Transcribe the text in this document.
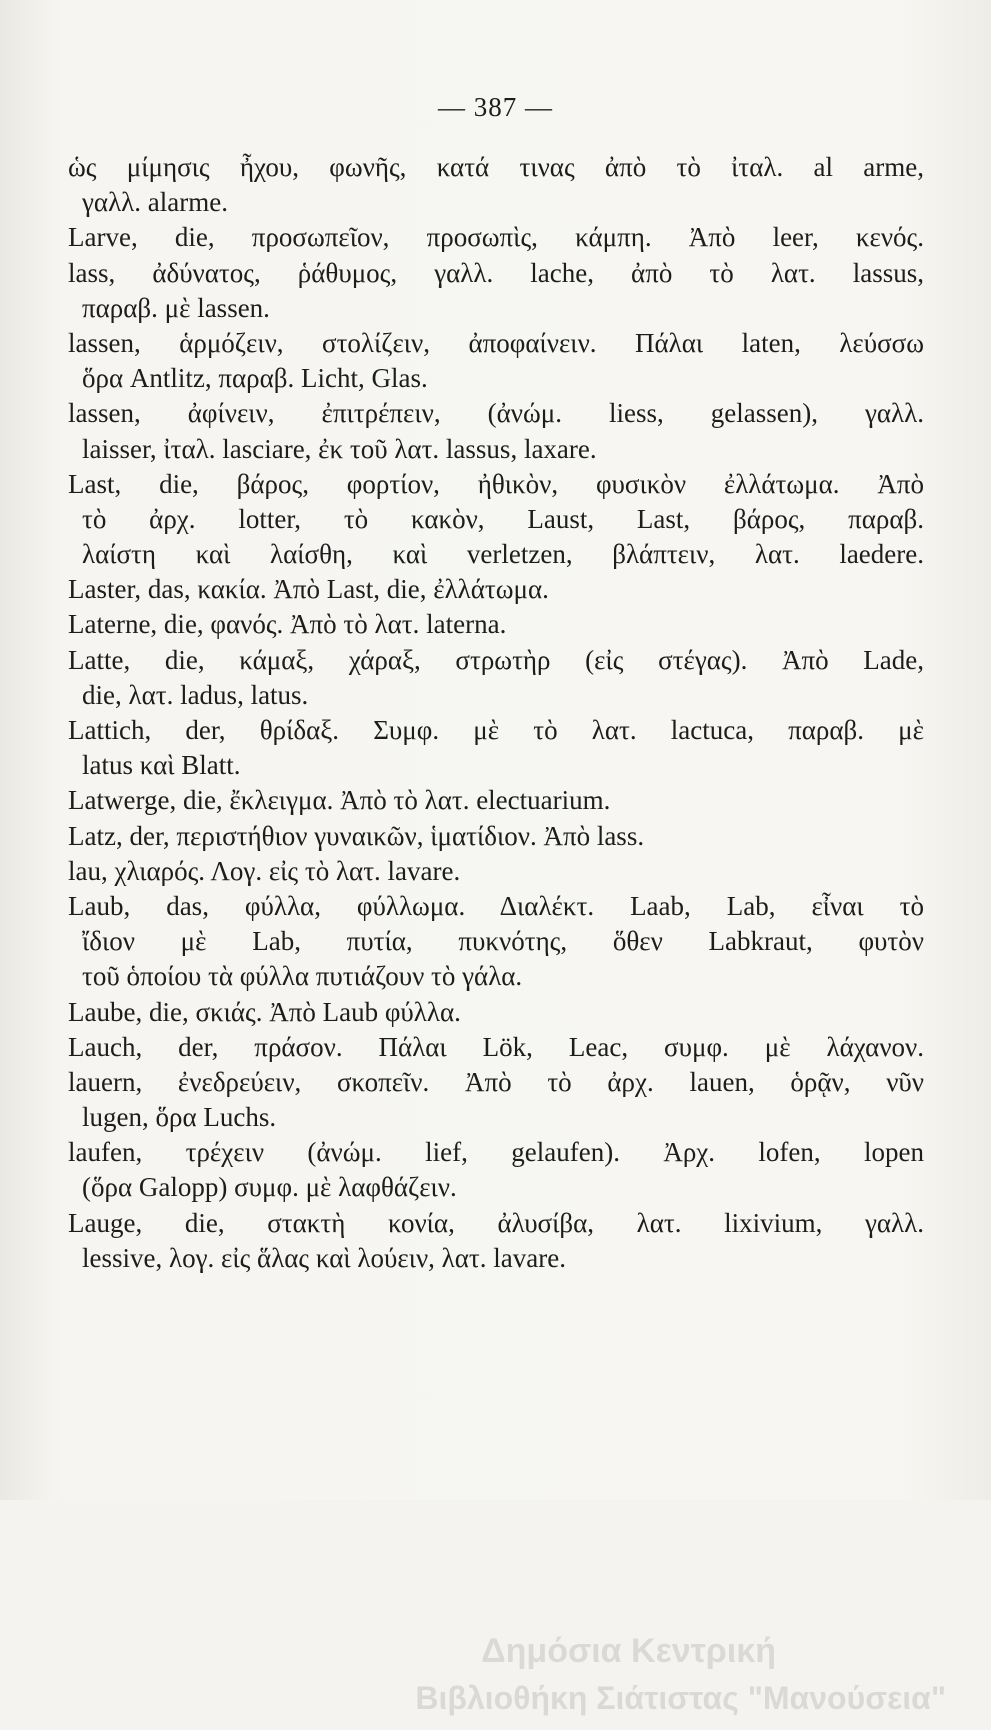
— 387 —
ὡς μίμησις ἦχου, φωνῆς, κατά τινας ἀπὸ τὸ ἰταλ. al arme,
γαλλ. alarme.
Larve, die, προσωπεῖον, προσωπὶς, κάμπη. Ἀπὸ leer, κενός.
lass, ἀδύνατος, ῥάθυμος, γαλλ. lache, ἀπὸ τὸ λατ. lassus,
παραβ. μὲ lassen.
lassen, ἁρμόζειν, στολίζειν, ἀποφαίνειν. Πάλαι laten, λεύσσω
ὅρα Antlitz, παραβ. Licht, Glas.
lassen, ἀφίνειν, ἐπιτρέπειν, (ἀνώμ. liess, gelassen), γαλλ.
laisser, ἰταλ. lasciare, ἐκ τοῦ λατ. lassus, laxare.
Last, die, βάρος, φορτίον, ἠθικὸν, φυσικὸν ἐλλάτωμα. Ἀπὸ
τὸ ἀρχ. lotter, τὸ κακὸν, Laust, Last, βάρος, παραβ.
λαίστη καὶ λαίσθη, καὶ verletzen, βλάπτειν, λατ. laedere.
Laster, das, κακία. Ἀπὸ Last, die, ἐλλάτωμα.
Laterne, die, φανός. Ἀπὸ τὸ λατ. laterna.
Latte, die, κάμαξ, χάραξ, στρωτὴρ (εἰς στέγας). Ἀπὸ Lade,
die, λατ. ladus, latus.
Lattich, der, θρίδαξ. Συμφ. μὲ τὸ λατ. lactuca, παραβ. μὲ
latus καὶ Blatt.
Latwerge, die, ἔκλειγμα. Ἀπὸ τὸ λατ. electuarium.
Latz, der, περιστήθιον γυναικῶν, ἱματίδιον. Ἀπὸ lass.
lau, χλιαρός. Λογ. εἰς τὸ λατ. lavare.
Laub, das, φύλλα, φύλλωμα. Διαλέκτ. Laab, Lab, εἶναι τὸ
ἴδιον μὲ Lab, πυτία, πυκνότης, ὅθεν Labkraut, φυτὸν
τοῦ ὁποίου τὰ φύλλα πυτιάζουν τὸ γάλα.
Laube, die, σκιάς. Ἀπὸ Laub φύλλα.
Lauch, der, πράσον. Πάλαι Lök, Leac, συμφ. μὲ λάχανον.
lauern, ἐνεδρεύειν, σκοπεῖν. Ἀπὸ τὸ ἀρχ. lauen, ὁρᾷν, νῦν
lugen, ὅρα Luchs.
laufen, τρέχειν (ἀνώμ. lief, gelaufen). Ἀρχ. lofen, lopen
(ὅρα Galopp) συμφ. μὲ λαφθάζειν.
Lauge, die, στακτὴ κονία, ἀλυσίβα, λατ. lixivium, γαλλ.
lessive, λογ. εἰς ἅλας καὶ λούειν, λατ. lavare.
Δημόσια Κεντρική
Βιβλιοθήκη Σιάτιστας "Μανούσεια"
